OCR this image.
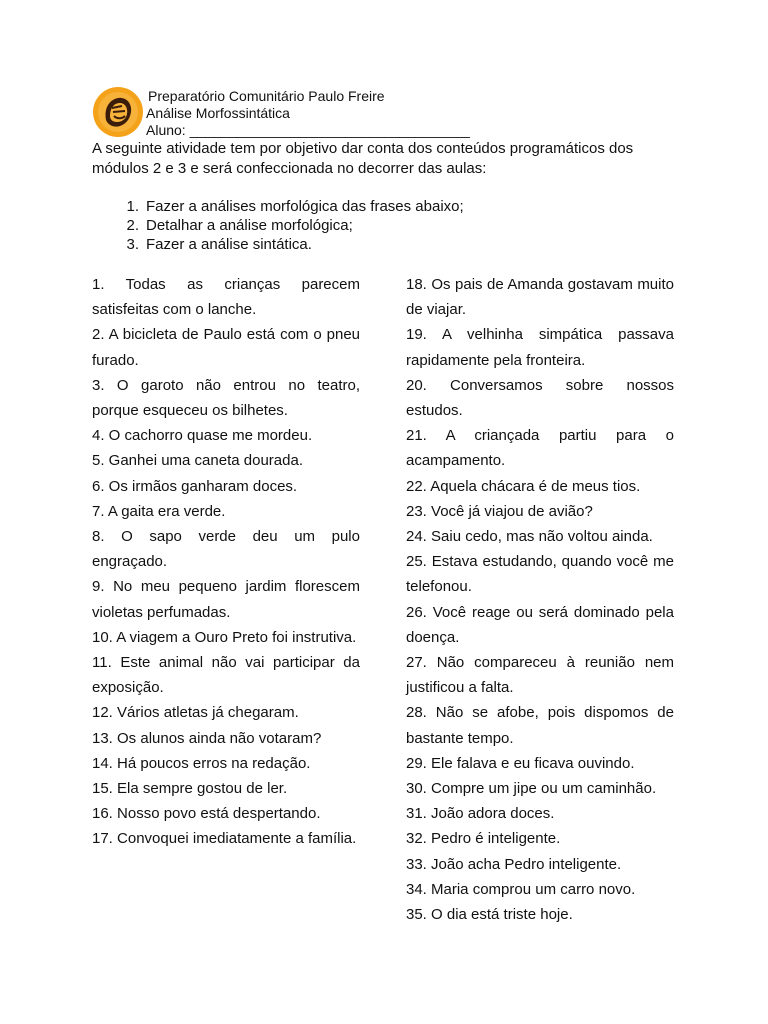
Preparatório Comunitário Paulo Freire
Análise Morfossintática
Aluno: ____________________________________
A seguinte atividade tem por objetivo dar conta dos conteúdos programáticos dos módulos 2 e 3 e será confeccionada no decorrer das aulas:
1. Fazer a análises morfológica das frases abaixo;
2. Detalhar a análise morfológica;
3. Fazer a análise sintática.

1. Todas as crianças parecem satisfeitas com o lanche.

2. A bicicleta de Paulo está com o pneu furado.

3. O garoto não entrou no teatro, porque esqueceu os bilhetes.

4. O cachorro quase me mordeu.

5. Ganhei uma caneta dourada.

6. Os irmãos ganharam doces.

7. A gaita era verde.

8. O sapo verde deu um pulo engraçado.

9. No meu pequeno jardim florescem violetas perfumadas.

10. A viagem a Ouro Preto foi instrutiva.

11. Este animal não vai participar da exposição.

12. Vários atletas já chegaram.

13. Os alunos ainda não votaram?

14. Há poucos erros na redação.

15. Ela sempre gostou de ler.

16. Nosso povo está despertando.

17. Convoquei imediatamente a família.

18. Os pais de Amanda gostavam muito de viajar.

19. A velhinha simpática passava rapidamente pela fronteira.

20. Conversamos sobre nossos estudos.

21. A criançada partiu para o acampamento.

22. Aquela chácara é de meus tios.

23. Você já viajou de avião?

24. Saiu cedo, mas não voltou ainda.

25. Estava estudando, quando você me telefonou.

26. Você reage ou será dominado pela doença.

27. Não compareceu à reunião nem justificou a falta.

28. Não se afobe, pois dispomos de bastante tempo.

29. Ele falava e eu ficava ouvindo.

30. Compre um jipe ou um caminhão.

31. João adora doces.

32. Pedro é inteligente.

33. João acha Pedro inteligente.

34. Maria comprou um carro novo.

35. O dia está triste hoje.
